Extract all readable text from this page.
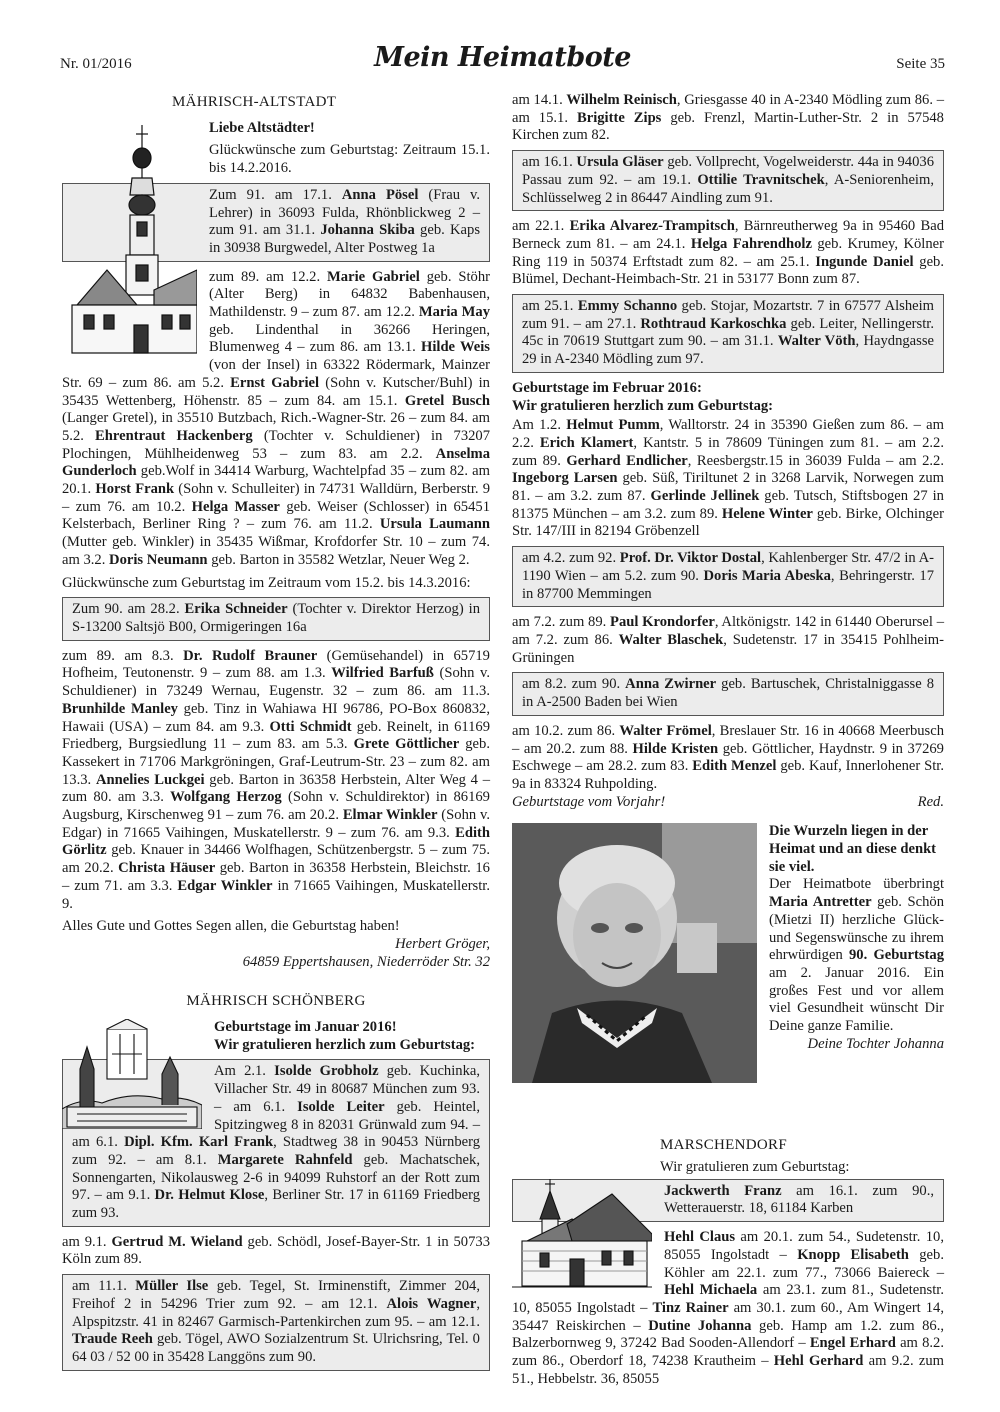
Nr. 01/2016	Mein Heimatbote	Seite 35
MÄHRISCH-ALTSTADT

Liebe Altstädter!

Glückwünsche zum Geburtstag: Zeitraum 15.1. bis 14.2.2016.

Zum 91. am 17.1. Anna Pösel (Frau v. Lehrer) in 36093 Fulda, Rhönblickweg 2 – zum 91. am 31.1. Johanna Skiba geb. Kaps in 30938 Burgwedel, Alter Postweg 1a

zum 89. am 12.2. Marie Gabriel geb. Stöhr (Alter Berg) in 64832 Babenhausen, Mathildenstr. 9 – zum 87. am 12.2. Maria May geb. Lindenthal in 36266 Heringen, Blumenweg 4 – zum 86. am 13.1. Hilde Weis (von der Insel) in 63322 Rödermark, Mainzer Str. 69 – zum 86. am 5.2. Ernst Gabriel (Sohn v. Kutscher/Buhl) in 35435 Wettenberg, Höhenstr. 85 – zum 84. am 15.1. Gretel Busch (Langer Gretel), in 35510 Butzbach, Rich.-Wagner-Str. 26 – zum 84. am 5.2. Ehrentraut Hackenberg (Tochter v. Schuldiener) in 73207 Plochingen, Mühlheidenweg 53 – zum 83. am 2.2. Anselma Gunderloch geb.Wolf in 34414 Warburg, Wachtelpfad 35 – zum 82. am 20.1. Horst Frank (Sohn v. Schulleiter) in 74731 Walldürn, Berberstr. 9 – zum 76. am 10.2. Helga Masser geb. Weiser (Schlosser) in 65451 Kelsterbach, Berliner Ring ? – zum 76. am 11.2. Ursula Laumann (Mutter geb. Winkler) in 35435 Wißmar, Krofdorfer Str. 10 – zum 74. am 3.2. Doris Neumann geb. Barton in 35582 Wetzlar, Neuer Weg 2.

Glückwünsche zum Geburtstag im Zeitraum vom 15.2. bis 14.3.2016:

Zum 90. am 28.2. Erika Schneider (Tochter v. Direktor Herzog) in S-13200 Saltsjö B00, Ormigeringen 16a

zum 89. am 8.3. Dr. Rudolf Brauner (Gemüsehandel) in 65719 Hofheim, Teutonenstr. 9 – zum 88. am 1.3. Wilfried Barfuß (Sohn v. Schuldiener) in 73249 Wernau, Eugenstr. 32 – zum 86. am 11.3. Brunhilde Manley geb. Tinz in Wahiawa HI 96786, PO-Box 860832, Hawaii (USA) – zum 84. am 9.3. Otti Schmidt geb. Reinelt, in 61169 Friedberg, Burgsiedlung 11 – zum 83. am 5.3. Grete Göttlicher geb. Kassekert in 71706 Markgröningen, Graf-Leutrum-Str. 23 – zum 82. am 13.3. Annelies Luckgei geb. Barton in 36358 Herbstein, Alter Weg 4 – zum 80. am 3.3. Wolfgang Herzog (Sohn v. Schuldirektor) in 86169 Augsburg, Kirschenweg 91 – zum 76. am 20.2. Elmar Winkler (Sohn v. Edgar) in 71665 Vaihingen, Muskatellerstr. 9 – zum 76. am 9.3. Edith Görlitz geb. Knauer in 34466 Wolfhagen, Schützenbergstr. 5 – zum 75. am 20.2. Christa Häuser geb. Barton in 36358 Herbstein, Bleichstr. 16 – zum 71. am 3.3. Edgar Winkler in 71665 Vaihingen, Muskatellerstr. 9.

Alles Gute und Gottes Segen allen, die Geburtstag haben!

Herbert Gröger,

64859 Eppertshausen, Niederröder Str. 32

MÄHRISCH SCHÖNBERG

Geburtstage im Januar 2016!

Wir gratulieren herzlich zum Geburtstag:

Am 2.1. Isolde Grobholz geb. Kuchinka, Villacher Str. 49 in 80687 München zum 93. – am 6.1. Isolde Leiter geb. Heintel, Spitzingweg 8 in 82031 Grünwald zum 94. – am 6.1. Dipl. Kfm. Karl Frank, Stadtweg 38 in 90453 Nürnberg zum 92. – am 8.1. Margarete Rahnfeld geb. Machatschek, Sonnengarten, Nikolausweg 2-6 in 94099 Ruhstorf an der Rott zum 97. – am 9.1. Dr. Helmut Klose, Berliner Str. 17 in 61169 Friedberg zum 93.

am 9.1. Gertrud M. Wieland geb. Schödl, Josef-Bayer-Str. 1 in 50733 Köln zum 89.

am 11.1. Müller Ilse geb. Tegel, St. Irminenstift, Zimmer 204, Freihof 2 in 54296 Trier zum 92. – am 12.1. Alois Wagner, Alpspitzstr. 41 in 82467 Garmisch-Partenkirchen zum 95. – am 12.1. Traude Reeh geb. Tögel, AWO Sozialzentrum St. Ulrichsring, Tel. 0 64 03 / 52 00 in 35428 Langgöns zum 90.

am 14.1. Wilhelm Reinisch, Griesgasse 40 in A-2340 Mödling zum 86. – am 15.1. Brigitte Zips geb. Frenzl, Martin-Luther-Str. 2 in 57548 Kirchen zum 82.

am 16.1. Ursula Gläser geb. Vollprecht, Vogelweiderstr. 44a in 94036 Passau zum 92. – am 19.1. Ottilie Travnitschek, A-Seniorenheim, Schlüsselweg 2 in 86447 Aindling zum 91.

am 22.1. Erika Alvarez-Trampitsch, Bärnreutherweg 9a in 95460 Bad Berneck zum 81. – am 24.1. Helga Fahrendholz geb. Krumey, Kölner Ring 119 in 50374 Erftstadt zum 82. – am 25.1. Ingunde Daniel geb. Blümel, Dechant-Heimbach-Str. 21 in 53177 Bonn zum 87.

am 25.1. Emmy Schanno geb. Stojar, Mozartstr. 7 in 67577 Alsheim zum 91. – am 27.1. Rothtraud Karkoschka geb. Leiter, Nellingerstr. 45c in 70619 Stuttgart zum 90. – am 31.1. Walter Vöth, Haydngasse 29 in A-2340 Mödling zum 97.

Geburtstage im Februar 2016:

Wir gratulieren herzlich zum Geburtstag:

Am 1.2. Helmut Pumm, Walltorstr. 24 in 35390 Gießen zum 86. – am 2.2. Erich Klamert, Kantstr. 5 in 78609 Tüningen zum 81. – am 2.2. zum 89. Gerhard Endlicher, Reesbergstr.15 in 36039 Fulda – am 2.2. Ingeborg Larsen geb. Süß, Tiriltunet 2 in 3268 Larvik, Norwegen zum 81. – am 3.2. zum 87. Gerlinde Jellinek geb. Tutsch, Stiftsbogen 27 in 81375 München – am 3.2. zum 89. Helene Winter geb. Birke, Olchinger Str. 147/III in 82194 Gröbenzell

am 4.2. zum 92. Prof. Dr. Viktor Dostal, Kahlenberger Str. 47/2 in A-1190 Wien – am 5.2. zum 90. Doris Maria Abeska, Behringerstr. 17 in 87700 Memmingen

am 7.2. zum 89. Paul Krondorfer, Altkönigstr. 142 in 61440 Oberursel – am 7.2. zum 86. Walter Blaschek, Sudetenstr. 17 in 35415 Pohlheim-Grüningen

am 8.2. zum 90. Anna Zwirner geb. Bartuschek, Christalniggasse 8 in A-2500 Baden bei Wien

am 10.2. zum 86. Walter Frömel, Breslauer Str. 16 in 40668 Meerbusch – am 20.2. zum 88. Hilde Kristen geb. Göttlicher, Haydnstr. 9 in 37269 Eschwege – am 28.2. zum 83. Edith Menzel geb. Kauf, Innerlohener Str. 9a in 83324 Ruhpolding.

Geburtstage vom Vorjahr!	Red.

Die Wurzeln liegen in der Heimat und an diese denkt sie viel.

Der Heimatbote überbringt Maria Antretter geb. Schön (Mietzi II) herzliche Glück- und Segenswünsche zu ihrem ehrwürdigen 90. Geburtstag am 2. Januar 2016. Ein großes Fest und vor allem viel Gesundheit wünscht Dir Deine ganze Familie.

Deine Tochter Johanna

MARSCHENDORF

Wir gratulieren zum Geburtstag:

Jackwerth Franz am 16.1. zum 90., Wetterauerstr. 18, 61184 Karben

Hehl Claus am 20.1. zum 54., Sudetenstr. 10, 85055 Ingolstadt – Knopp Elisabeth geb. Köhler am 22.1. zum 77., 73066 Baiereck – Hehl Michaela am 23.1. zum 81., Sudetenstr. 10, 85055 Ingolstadt – Tinz Rainer am 30.1. zum 60., Am Wingert 14, 35447 Reiskirchen – Dutine Johanna geb. Hamp am 1.2. zum 86., Balzerbornweg 9, 37242 Bad Sooden-Allendorf – Engel Erhard am 8.2. zum 86., Oberdorf 18, 74238 Krautheim – Hehl Gerhard am 9.2. zum 51., Hebbelstr. 36, 85055
